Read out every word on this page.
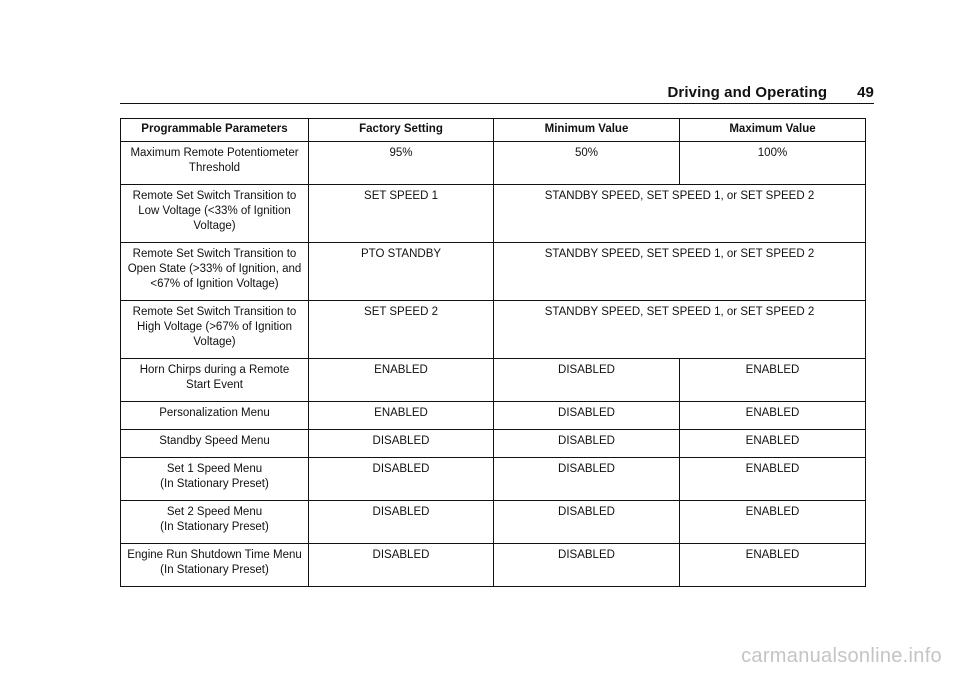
Driving and Operating 49
Programmable Parameters	Factory Setting	Minimum Value	Maximum Value
Maximum Remote Potentiometer
Threshold	95%	50%	100%
Remote Set Switch Transition to
Low Voltage (<33% of Ignition
Voltage)	SET SPEED 1	STANDBY SPEED, SET SPEED 1, or SET SPEED 2	
Remote Set Switch Transition to
Open State (>33% of Ignition, and
<67% of Ignition Voltage)	PTO STANDBY	STANDBY SPEED, SET SPEED 1, or SET SPEED 2	
Remote Set Switch Transition to
High Voltage (>67% of Ignition
Voltage)	SET SPEED 2	STANDBY SPEED, SET SPEED 1, or SET SPEED 2	
Horn Chirps during a Remote
Start Event	ENABLED	DISABLED	ENABLED
Personalization Menu	ENABLED	DISABLED	ENABLED
Standby Speed Menu	DISABLED	DISABLED	ENABLED
Set 1 Speed Menu
(In Stationary Preset)	DISABLED	DISABLED	ENABLED
Set 2 Speed Menu
(In Stationary Preset)	DISABLED	DISABLED	ENABLED
Engine Run Shutdown Time Menu
(In Stationary Preset)	DISABLED	DISABLED	ENABLED
carmanualsonline.info
